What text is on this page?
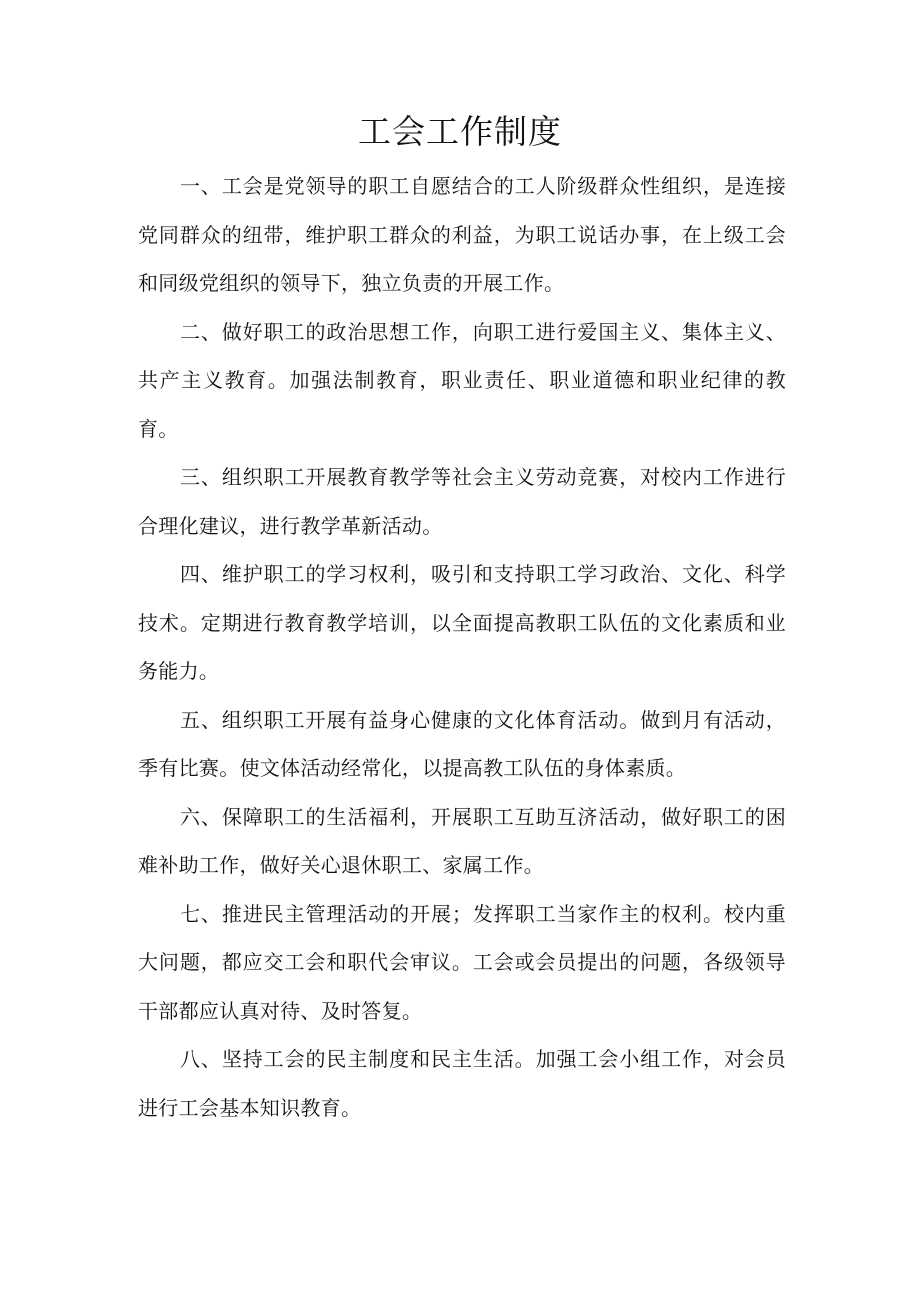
工会工作制度

一、工会是党领导的职工自愿结合的工人阶级群众性组织，是连接党同群众的纽带，维护职工群众的利益，为职工说话办事，在上级工会和同级党组织的领导下，独立负责的开展工作。

二、做好职工的政治思想工作，向职工进行爱国主义、集体主义、共产主义教育。加强法制教育，职业责任、职业道德和职业纪律的教育。

三、组织职工开展教育教学等社会主义劳动竞赛，对校内工作进行合理化建议，进行教学革新活动。

四、维护职工的学习权利，吸引和支持职工学习政治、文化、科学技术。定期进行教育教学培训，以全面提高教职工队伍的文化素质和业务能力。

五、组织职工开展有益身心健康的文化体育活动。做到月有活动，季有比赛。使文体活动经常化，以提高教工队伍的身体素质。

六、保障职工的生活福利，开展职工互助互济活动，做好职工的困难补助工作，做好关心退休职工、家属工作。

七、推进民主管理活动的开展；发挥职工当家作主的权利。校内重大问题，都应交工会和职代会审议。工会或会员提出的问题，各级领导干部都应认真对待、及时答复。

八、坚持工会的民主制度和民主生活。加强工会小组工作，对会员进行工会基本知识教育。
